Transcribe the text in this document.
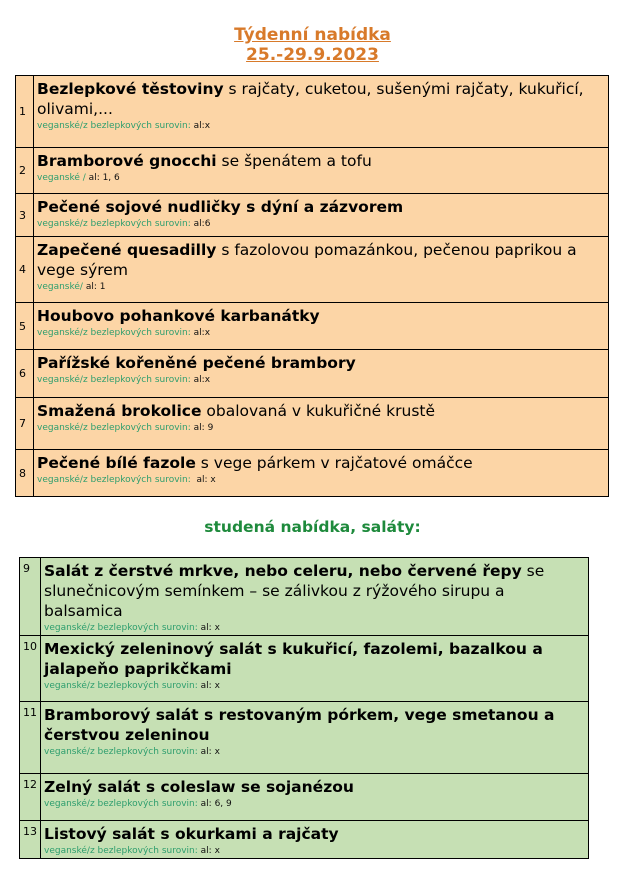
Týdenní nabídka
25.-29.9.2023
1	Bezlepkové těstoviny s rajčaty, cuketou, sušenými rajčaty, kukuřicí, olivami,...
veganské/z bezlepkových surovin: al:x

2	Bramborové gnocchi se špenátem a tofu
veganské / al: 1, 6

3	Pečené sojové nudličky s dýní a zázvorem
veganské/z bezlepkových surovin: al:6

4	Zapečené quesadilly s fazolovou pomazánkou, pečenou paprikou a vege sýrem
veganské/ al: 1

5	Houbovo pohankové karbanátky
veganské/z bezlepkových surovin: al:x

6	Pařížské kořeněné pečené brambory
veganské/z bezlepkových surovin: al:x

7	Smažená brokolice obalovaná v kukuřičné krustě
veganské/z bezlepkových surovin: al: 9

8	Pečené bílé fazole s vege párkem v rajčatové omáčce
veganské/z bezlepkových surovin:  al: x
studená nabídka, saláty:
9	Salát z čerstvé mrkve, nebo celeru, nebo červené řepy se slunečnicovým semínkem – se zálivkou z rýžového sirupu a balsamica
veganské/z bezlepkových surovin: al: x

10	Mexický zeleninový salát s kukuřicí, fazolemi, bazalkou a jalapeňo paprikčkami
veganské/z bezlepkových surovin: al: x

11	Bramborový salát s restovaným pórkem, vege smetanou a čerstvou zeleninou
veganské/z bezlepkových surovin: al: x

12	Zelný salát s coleslaw se sojanézou
veganské/z bezlepkových surovin: al: 6, 9

13	Listový salát s okurkami a rajčaty
veganské/z bezlepkových surovin: al: x
